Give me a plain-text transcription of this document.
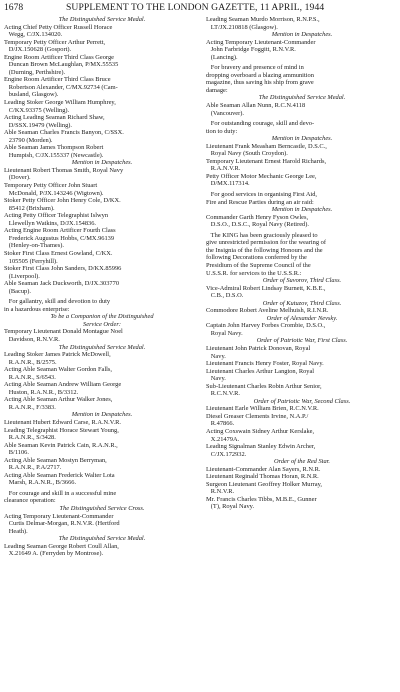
1678	SUPPLEMENT TO THE LONDON GAZETTE, 11 APRIL, 1944
The Distinguished Service Medal.
Acting Chief Petty Officer Russell Horace
Wegg, C/JX.134020.
Temporary Petty Officer Arthur Perrett,
D/JX.150628 (Gosport).
Engine Room Artificer Third Class George
Duncan Brown McLaughlan, P/MX.55535
(Durning, Perthshire).
Engine Room Artificer Third Class Bruce
Robertson Alexander, C/MX.92734 (Cam-
busland, Glasgow).
Leading Stoker George William Humphrey,
C/KX.93375 (Welling).
Acting Leading Seaman Richard Shaw,
D/SSX.19479 (Welling).
Able Seaman Charles Francis Banyon, C/SSX.
23790 (Morden).
Able Seaman James Thompson Robert
Humpish, C/JX.155337 (Newcastle).
Mention in Despatches.
Lieutenant Robert Thomas Smith, Royal Navy
(Dover).
Temporary Petty Officer John Stuart
McDonald, P/JX.143246 (Wigtown).
Stoker Petty Officer John Henry Cole, D/KX.
85412 (Brixham).
Acting Petty Officer Telegraphist Islwyn
Llewellyn Watkins, D/JX.154836.
Acting Engine Room Artificer Fourth Class
Frederick Augustus Hobbs, C/MX.96139
(Henley-on-Thames).
Stoker First Class Ernest Gowland, C/KX.
105505 (Ferryhill).
Stoker First Class John Sanders, D/KX.85996
(Liverpool).
Able Seaman Jack Duckworth, D/JX.303770
(Bacup).
For gallantry, skill and devotion to duty
in a hazardous enterprise:
To be a Companion of the Distinguished
Service Order:
Temporary Lieutenant Donald Montague Noel
Davidson, R.N.V.R.
The Distinguished Service Medal.
Leading Stoker James Patrick McDowell,
R.A.N.R., B/2575.
Acting Able Seaman Walter Gordon Falls,
R.A.N.R., S/6543.
Acting Able Seaman Andrew William George
Huston, R.A.N.R., B/3312.
Acting Able Seaman Arthur Walker Jones,
R.A.N.R., F/3383.
Mention in Despatches.
Lieutenant Hubert Edward Carse, R.A.N.V.R.
Leading Telegraphist Horace Stewart Young,
R.A.N.R., S/3428.
Able Seaman Kevin Patrick Cain, R.A.N.R.,
B/1106.
Acting Able Seaman Mostyn Berryman,
R.A.N.R., P.A/2717.
Acting Able Seaman Frederick Walter Lota
Marsh, R.A.N.R., B/3666.
For courage and skill in a successful mine
clearance operation:
The Distinguished Service Cross.
Acting Temporary Lieutenant-Commander
Curtis Delmar-Morgan, R.N.V.R. (Hertford
Heath).
The Distinguished Service Medal.
Leading Seaman George Robert Coull Allan,
X.21649 A. (Ferryden by Montrose).
Leading Seaman Murdo Morrison, R.N.P.S.,
LT/JX.210818 (Glasgow).
Mention in Despatches.
Acting Temporary Lieutenant-Commander
John Farbridge Foggitt, R.N.V.R.
(Lancing).
For bravery and presence of mind in
dropping overboard a blazing ammunition
magazine, thus saving his ship from grave
damage:
The Distinguished Service Medal.
Able Seaman Allan Nunn, R.C.N.4118
(Vancouver).
For outstanding courage, skill and devo-
tion to duty:
Mention in Despatches.
Lieutenant Frank Measham Berncastle, D.S.C.,
Royal Navy (South Croydon).
Temporary Lieutenant Ernest Harold Richards,
R.A.N.V.R.
Petty Officer Motor Mechanic George Lee,
D/MX.117314.
For good services in organising First Aid,
Fire and Rescue Parties during an air raid:
Mention in Despatches.
Commander Garth Henry Fyson Owles,
D.S.O., D.S.C., Royal Navy (Retired).
The KING has been graciously pleased to
give unrestricted permission for the wearing of
the Insignia of the following Honours and the
following Decorations conferred by the
Presidium of the Supreme Council of the
U.S.S.R. for services to the U.S.S.R.:
Order of Suvorov, Third Class.
Vice-Admiral Robert Lindsay Burnett, K.B.E.,
C.B., D.S.O.
Order of Kutuzov, Third Class.
Commodore Robert Aveline Melhuish, R.I.N.R.
Order of Alexander Nevsky.
Captain John Harvey Forbes Crombie, D.S.O.,
Royal Navy.
Order of Patriotic War, First Class.
Lieutenant John Patrick Donovan, Royal
Navy.
Lieutenant Francis Henry Foster, Royal Navy.
Lieutenant Charles Arthur Langton, Royal
Navy.
Sub-Lieutenant Charles Robin Arthur Senior,
R.C.N.V.R.
Order of Patriotic War, Second Class.
Lieutenant Earle William Brien, R.C.N.V.R.
Diesel Greaser Clements Irvine, N.A.P./
R.47866.
Acting Coxswain Sidney Arthur Kerslake,
X.21479A.
Leading Signalman Stanley Edwin Archer,
C/JX.172932.
Order of the Red Star.
Lieutenant-Commander Alan Sayers, R.N.R.
Lieutenant Reginald Thomas Horan, R.N.R.
Surgeon Lieutenant Geoffrey Holker Murray,
R.N.V.R.
Mr. Francis Charles Tibbs, M.B.E., Gunner
(T), Royal Navy.
